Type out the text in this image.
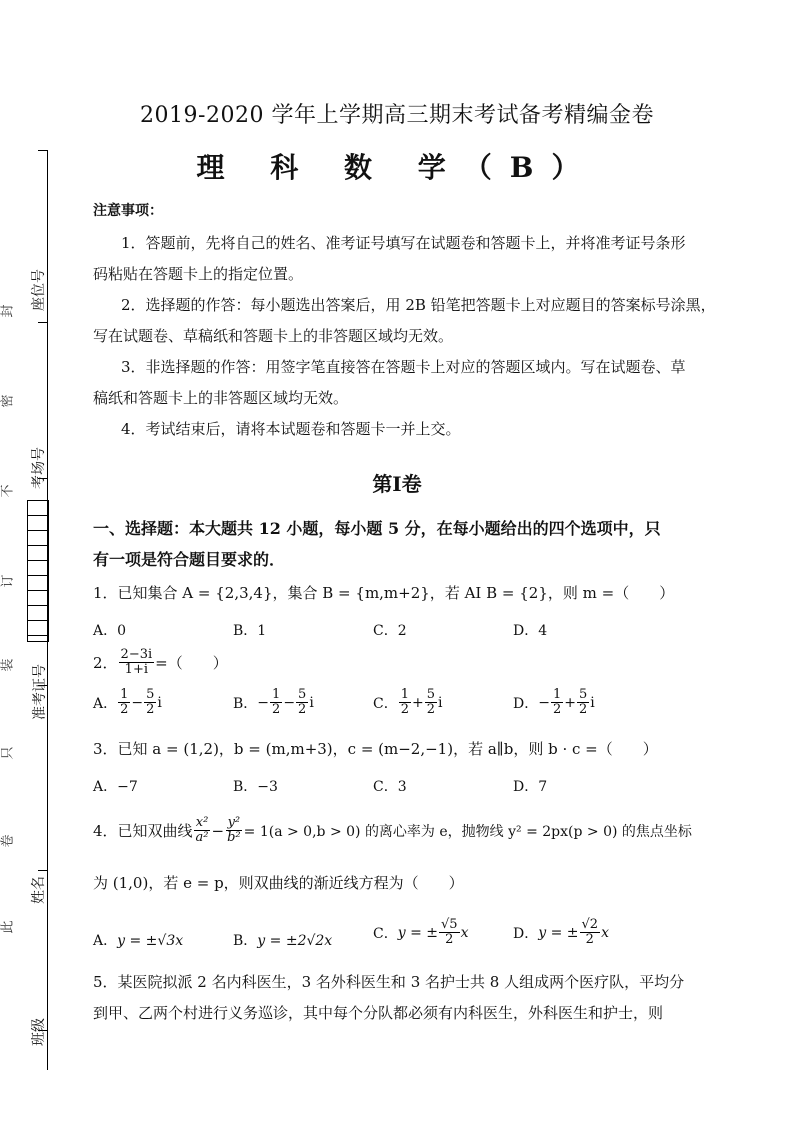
座位号
考场号
准考证号
姓名
班级
封
密
不
订
装
只
卷
此
2019-2020 学年上学期高三期末考试备考精编金卷
理 科 数 学（B）
注意事项：
1．答题前，先将自己的姓名、准考证号填写在试题卷和答题卡上，并将准考证号条形
码粘贴在答题卡上的指定位置。
2．选择题的作答：每小题选出答案后，用 2B 铅笔把答题卡上对应题目的答案标号涂黑，
写在试题卷、草稿纸和答题卡上的非答题区域均无效。
3．非选择题的作答：用签字笔直接答在答题卡上对应的答题区域内。写在试题卷、草
稿纸和答题卡上的非答题区域均无效。
4．考试结束后，请将本试题卷和答题卡一并上交。
第Ⅰ卷
一、选择题：本大题共 12 小题，每小题 5 分，在每小题给出的四个选项中，只
有一项是符合题目要求的．
1．已知集合 A = {2,3,4}，集合 B = {m,m+2}，若 AI B = {2}，则 m =（　　）
A．0	B．1	C．2	D．4
2． $\frac{2-3i}{1+i}$ =（　　）
A． $\frac{1}{2} - \frac{5}{2}$ i	B． − $\frac{1}{2} - \frac{5}{2}$ i	C． $\frac{1}{2} + \frac{5}{2}$ i	D． − $\frac{1}{2} + \frac{5}{2}$ i
3．已知 a = (1,2)，b = (m,m+3)，c = (m−2,−1)，若 a∥b，则 b · c =（　　）
A．−7	B．−3	C．3	D．7
4．已知双曲线 $\frac{\text{x²}}{\text{a²}} - \frac{\text{y²}}{\text{b²}} = 1(a > 0,b > 0)$ 的离心率为 e，抛物线 y² = 2px(p > 0) 的焦点坐标
为 (1,0)，若 e = p，则双曲线的渐近线方程为（　　）
A．y = ±√3x	B．y = ±2√2x	C． y = ± $\frac{√5}{2}$ x	D． y = ± $\frac{√2}{2}$ x
5．某医院拟派 2 名内科医生，3 名外科医生和 3 名护士共 8 人组成两个医疗队，平均分
到甲、乙两个村进行义务巡诊，其中每个分队都必须有内科医生，外科医生和护士，则
